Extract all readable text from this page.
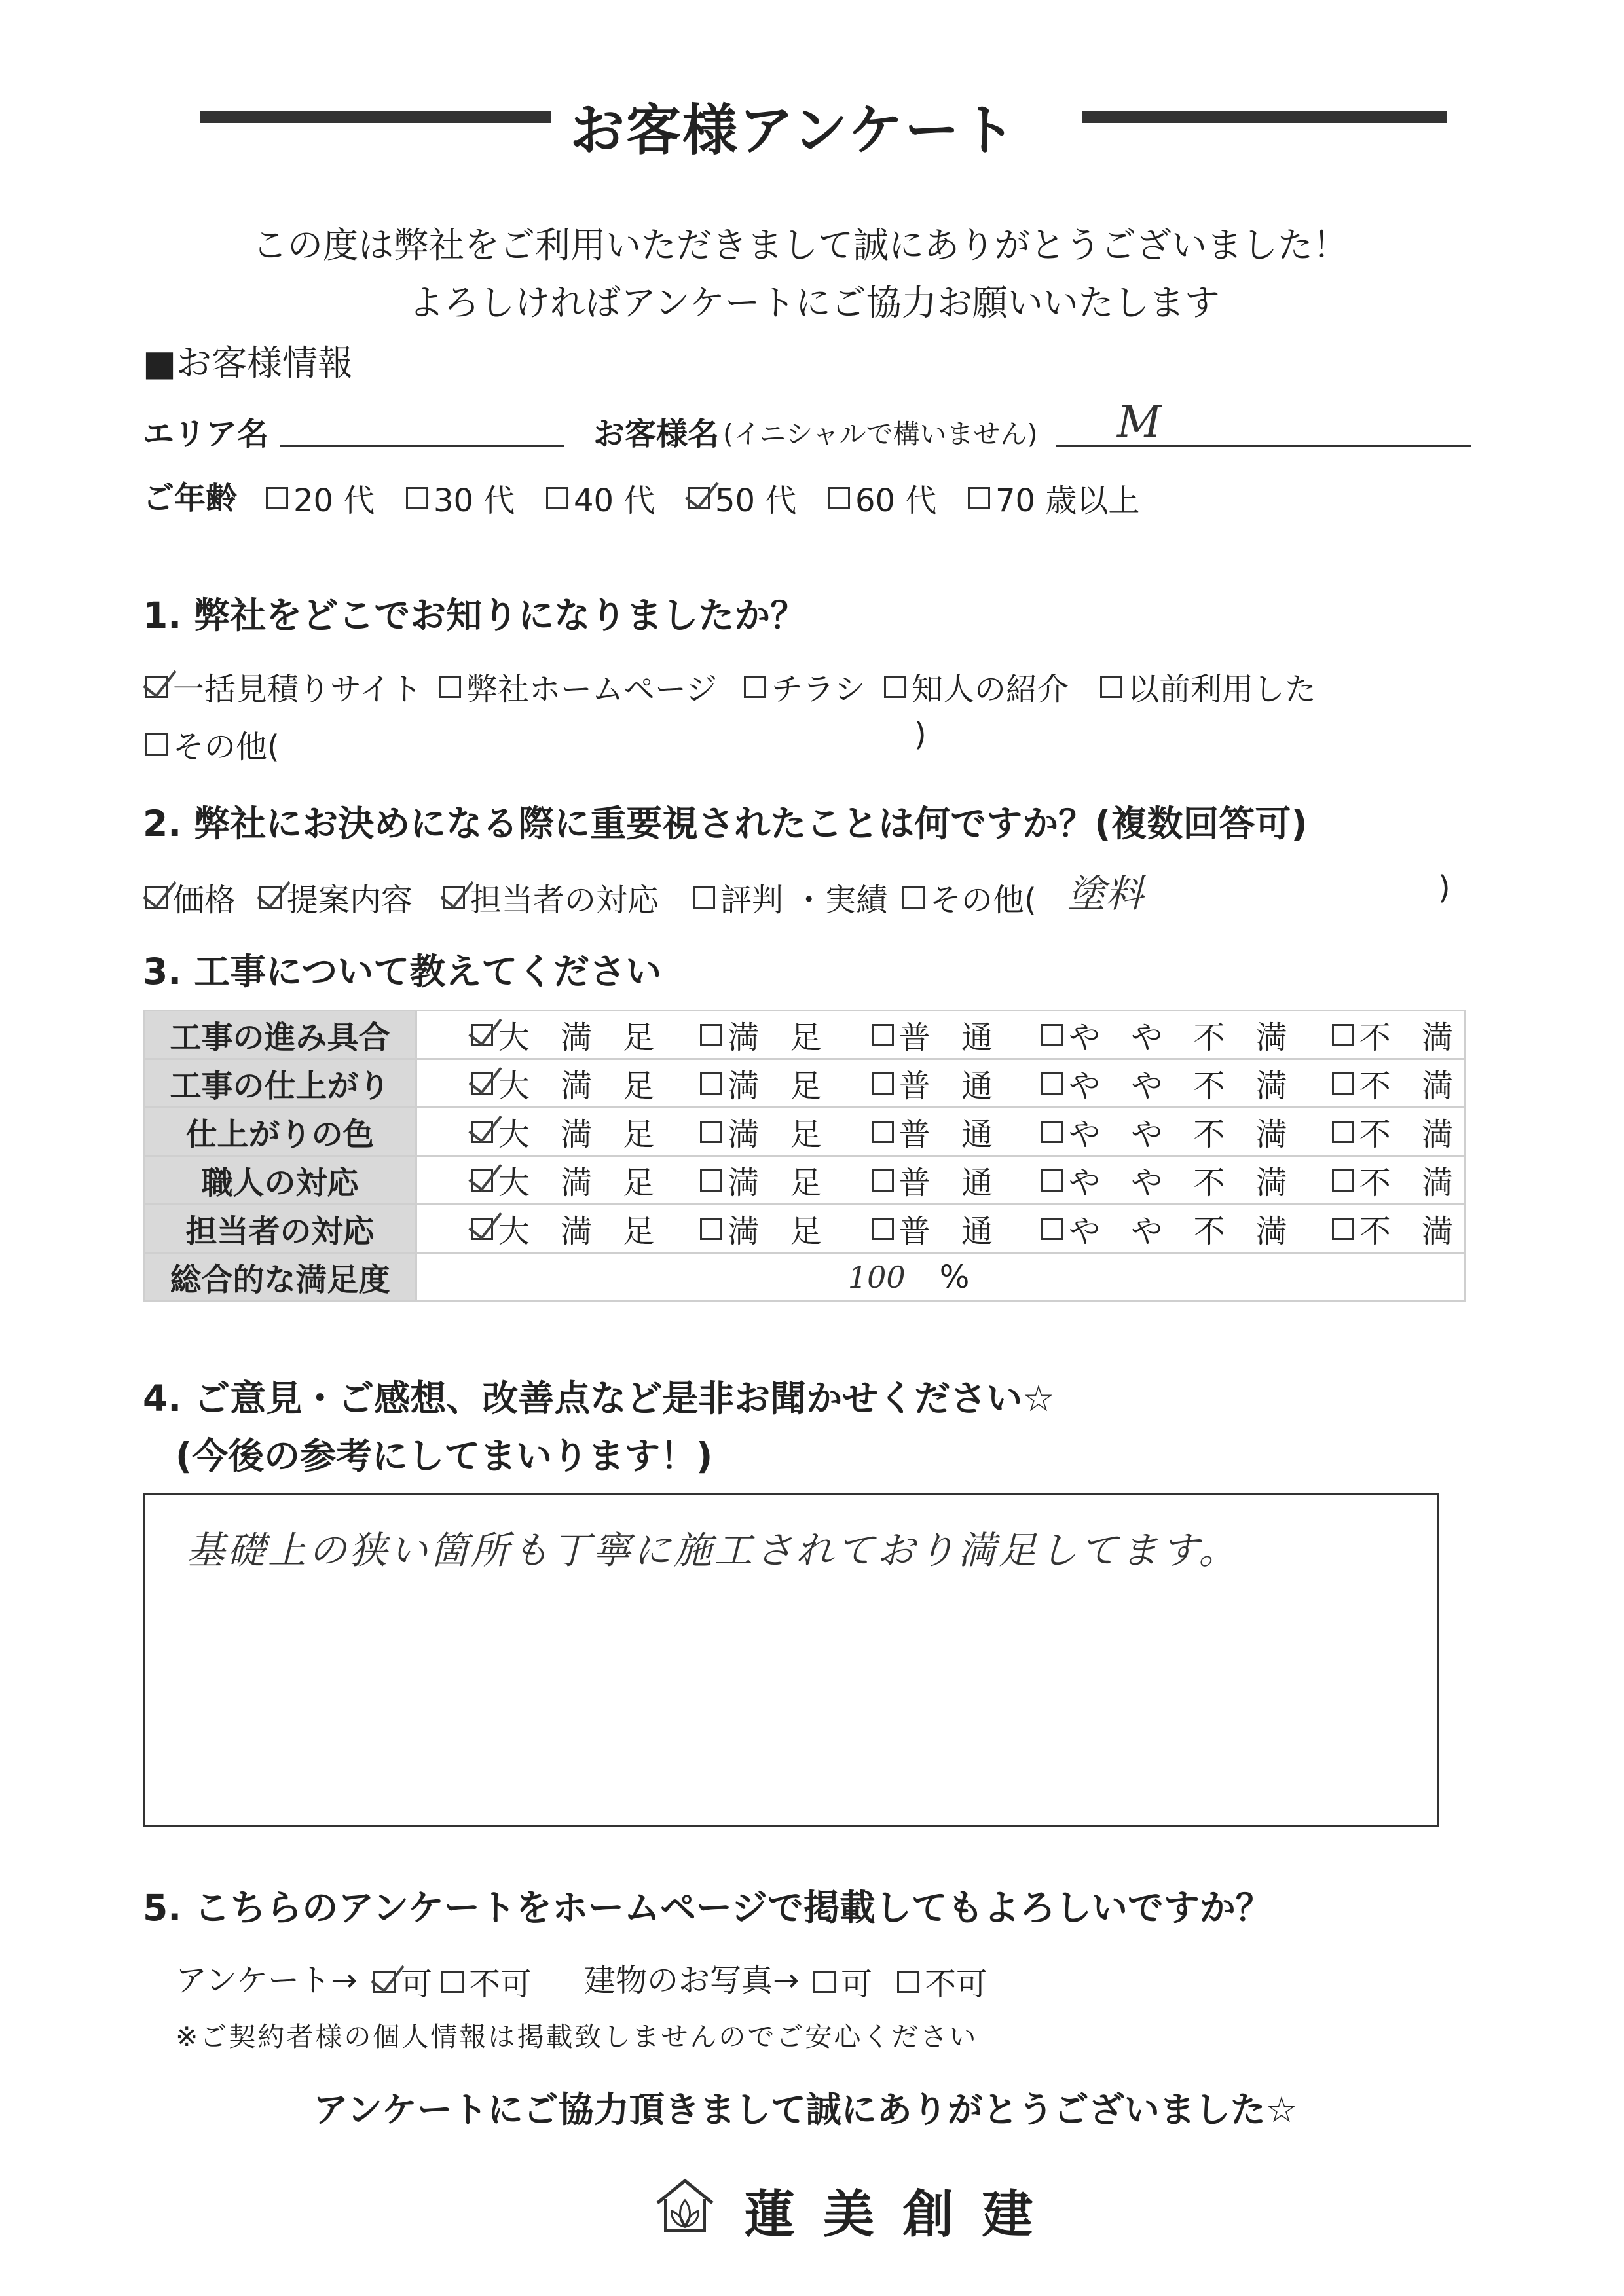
お客様アンケート
この度は弊社をご利用いただきまして誠にありがとうございました！
よろしければアンケートにご協力お願いいたします
■お客様情報
エリア名	お客様名 (イニシャルで構いません) M
ご年齢 20 代 30 代 40 代 50 代 60 代 70 歳以上
1. 弊社をどこでお知りになりましたか？
一括見積りサイト 弊社ホームページ チラシ 知人の紹介 以前利用した
その他(	)
2. 弊社にお決めになる際に重要視されたことは何ですか？(複数回答可)
価格 提案内容 担当者の対応 評判 ・実績 その他( 塗料	)
3. 工事について教えてください
工事の進み具合	大 満 足 満 足 普 通 や や 不 満 不 満

工事の仕上がり	大 満 足 満 足 普 通 や や 不 満 不 満

仕上がりの色	大 満 足 満 足 普 通 や や 不 満 不 満

職人の対応	大 満 足 満 足 普 通 や や 不 満 不 満

担当者の対応	大 満 足 満 足 普 通 や や 不 満 不 満

総合的な満足度	100 %
4. ご意見・ご感想、改善点など是非お聞かせください☆
(今後の参考にしてまいります！)
基礎上の狭い箇所も丁寧に施工されており満足してます。
5. こちらのアンケートをホームページで掲載してもよろしいですか？
アンケート→ 可 不可 建物のお写真→ 可 不可
※ご契約者様の個人情報は掲載致しませんのでご安心ください
アンケートにご協力頂きまして誠にありがとうございました☆
蓮 美 創 建
